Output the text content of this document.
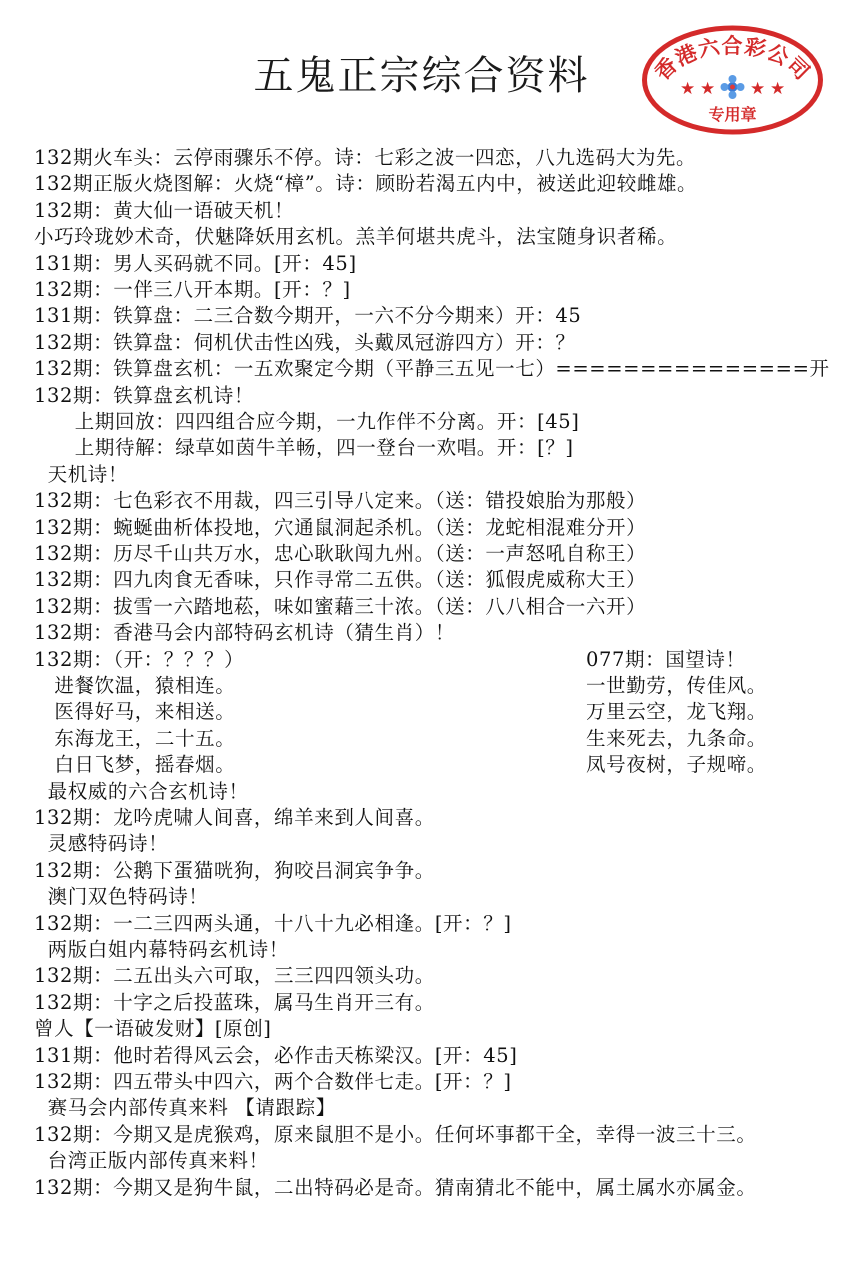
五鬼正宗综合资料	香港六合彩公司
★ ★ ★ ★
专用章
132期火车头：云停雨骤乐不停。诗：七彩之波一四恋，八九选码大为先。
132期正版火烧图解：火烧“樟”。诗：顾盼若渴五内中，被送此迎较雌雄。
132期：黄大仙一语破天机！
小巧玲珑妙术奇，伏魅降妖用玄机。羔羊何堪共虎斗，法宝随身识者稀。
131期：男人买码就不同。[开：45]
132期：一伴三八开本期。[开：？]
131期：铁算盘：二三合数今期开，一六不分今期来）开：45
132期：铁算盘：伺机伏击性凶残，头戴凤冠游四方）开：？
132期：铁算盘玄机：一五欢聚定今期（平静三五见一七）===============开
132期：铁算盘玄机诗！
上期回放：四四组合应今期，一九作伴不分离。开：[45]
上期待解：绿草如茵牛羊畅，四一登台一欢唱。开：[？]
天机诗！
132期：七色彩衣不用裁，四三引导八定来。（送：错投娘胎为那般）
132期：蜿蜒曲析体投地，穴通鼠洞起杀机。（送：龙蛇相混难分开）
132期：历尽千山共万水，忠心耿耿闯九州。（送：一声怒吼自称王）
132期：四九肉食无香味，只作寻常二五供。（送：狐假虎威称大王）
132期：拔雪一六踏地菘，味如蜜藉三十浓。（送：八八相合一六开）
132期：香港马会内部特码玄机诗（猜生肖）！
132期：（开：？？？）
进餐饮温，猿相连。
医得好马，来相送。
东海龙王，二十五。
白日飞梦，摇春烟。
最权威的六合玄机诗！
132期：龙吟虎啸人间喜，绵羊来到人间喜。
灵感特码诗！
132期：公鹅下蛋猫咣狗，狗咬吕洞宾争争。
澳门双色特码诗！
132期：一二三四两头通，十八十九必相逢。[开：？]
两版白姐内幕特码玄机诗！
132期：二五出头六可取，三三四四领头功。
132期：十字之后投蓝珠，属马生肖开三有。
曾人【一语破发财】[原创]
131期：他时若得风云会，必作击天栋梁汉。[开：45]
132期：四五带头中四六，两个合数伴七走。[开：？]
赛马会内部传真来料 【请跟踪】
132期：今期又是虎猴鸡，原来鼠胆不是小。任何坏事都干全，幸得一波三十三。
台湾正版内部传真来料！
132期：今期又是狗牛鼠，二出特码必是奇。猜南猜北不能中，属土属水亦属金。
077期：国望诗！
一世勤劳，传佳风。
万里云空，龙飞翔。
生来死去，九条命。
凤号夜树，子规啼。
